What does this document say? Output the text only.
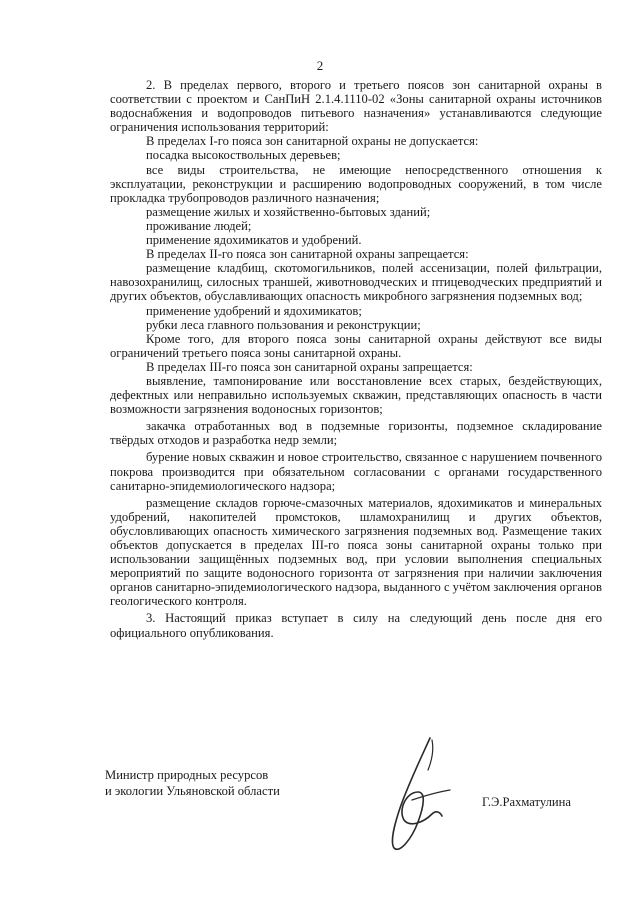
2

2. В пределах первого, второго и третьего поясов зон санитарной охраны в соответствии с проектом и СанПиН 2.1.4.1110-02 «Зоны санитарной охраны источников водоснабжения и водопроводов питьевого назначения» устанавливаются следующие ограничения использования территорий:

В пределах I-го пояса зон санитарной охраны не допускается:

посадка высокоствольных деревьев;

все виды строительства, не имеющие непосредственного отношения к эксплуатации, реконструкции и расширению водопроводных сооружений, в том числе прокладка трубопроводов различного назначения;

размещение жилых и хозяйственно-бытовых зданий;

проживание людей;

применение ядохимикатов и удобрений.

В пределах II-го пояса зон санитарной охраны запрещается:

размещение кладбищ, скотомогильников, полей ассенизации, полей фильтрации, навозохранилищ, силосных траншей, животноводческих и птицеводческих предприятий и других объектов, обуславливающих опасность микробного загрязнения подземных вод;

применение удобрений и ядохимикатов;

рубки леса главного пользования и реконструкции;

Кроме того, для второго пояса зоны санитарной охраны действуют все виды ограничений третьего пояса зоны санитарной охраны.

В пределах III-го пояса зон санитарной охраны запрещается:

выявление, тампонирование или восстановление всех старых, бездействующих, дефектных или неправильно используемых скважин, представляющих опасность в части возможности загрязнения водоносных горизонтов;

закачка отработанных вод в подземные горизонты, подземное складирование твёрдых отходов и разработка недр земли;

бурение новых скважин и новое строительство, связанное с нарушением почвенного покрова производится при обязательном согласовании с органами государственного санитарно-эпидемиологического надзора;

размещение складов горюче-смазочных материалов, ядохимикатов и минеральных удобрений, накопителей промстоков, шламохранилищ и других объектов, обусловливающих опасность химического загрязнения подземных вод. Размещение таких объектов допускается в пределах III-го пояса зоны санитарной охраны только при использовании защищённых подземных вод, при условии выполнения специальных мероприятий по защите водоносного горизонта от загрязнения при наличии заключения органов санитарно-эпидемиологического надзора, выданного с учётом заключения органов геологического контроля.

3. Настоящий приказ вступает в силу на следующий день после дня его официального опубликования.

Министр природных ресурсов
и экологии Ульяновской области
Г.Э.Рахматулина
